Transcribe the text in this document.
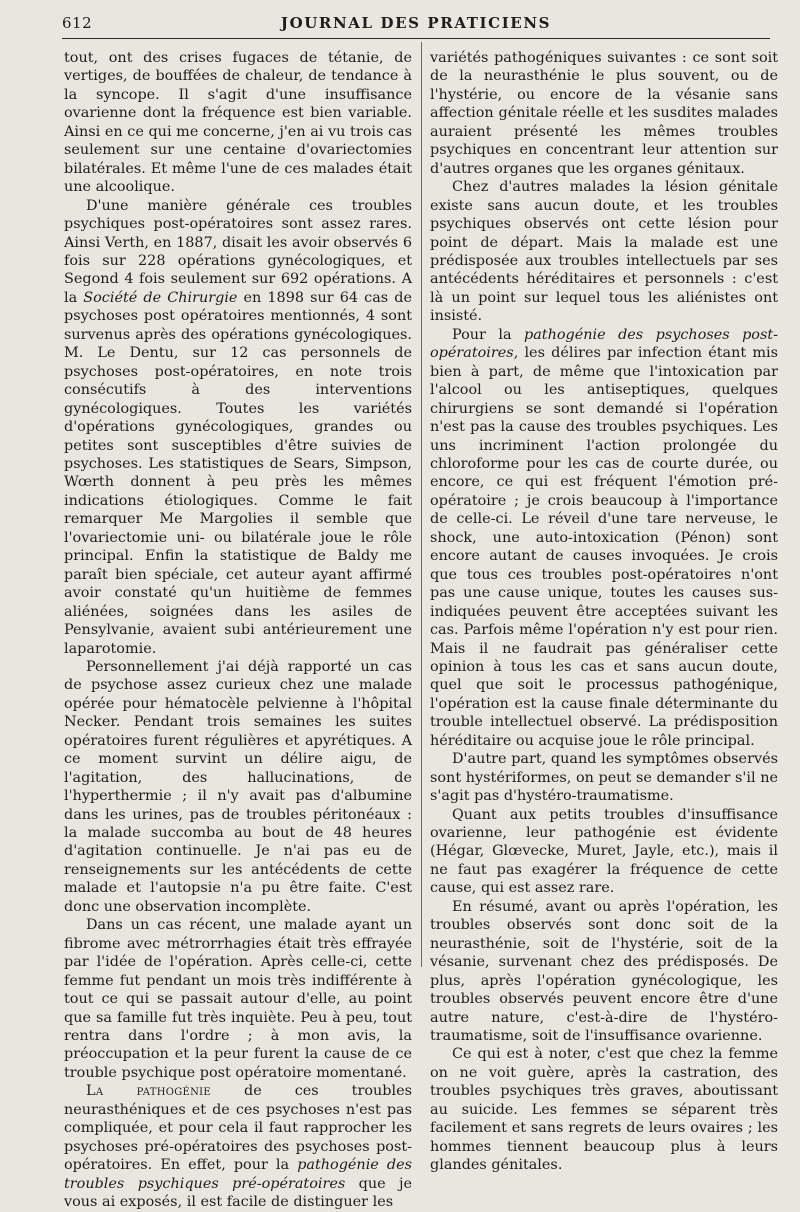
612	JOURNAL DES PRATICIENS

tout, ont des crises fugaces de tétanie, de vertiges, de bouffées de chaleur, de tendance à la syncope. Il s'agit d'une insuffisance ovarienne dont la fréquence est bien variable. Ainsi en ce qui me concerne, j'en ai vu trois cas seulement sur une centaine d'ovariectomies bilatérales. Et même l'une de ces malades était une alcoolique.

D'une manière générale ces troubles psychiques post-opératoires sont assez rares. Ainsi Verth, en 1887, disait les avoir observés 6 fois sur 228 opérations gynécologiques, et Segond 4 fois seulement sur 692 opérations. A la Société de Chirurgie en 1898 sur 64 cas de psychoses post opératoires mentionnés, 4 sont survenus après des opérations gynécologiques. M. Le Dentu, sur 12 cas personnels de psychoses post-opératoires, en note trois consécutifs à des interventions gynécologiques. Toutes les variétés d'opérations gynécologiques, grandes ou petites sont susceptibles d'être suivies de psychoses. Les statistiques de Sears, Simpson, Wœrth donnent à peu près les mêmes indications étiologiques. Comme le fait remarquer Me Margolies il semble que l'ovariectomie uni- ou bilatérale joue le rôle principal. Enfin la statistique de Baldy me paraît bien spéciale, cet auteur ayant affirmé avoir constaté qu'un huitième de femmes aliénées, soignées dans les asiles de Pensylvanie, avaient subi antérieurement une laparotomie.

Personnellement j'ai déjà rapporté un cas de psychose assez curieux chez une malade opérée pour hématocèle pelvienne à l'hôpital Necker. Pendant trois semaines les suites opératoires furent régulières et apyrétiques. A ce moment survint un délire aigu, de l'agitation, des hallucinations, de l'hyperthermie ; il n'y avait pas d'albumine dans les urines, pas de troubles péritonéaux : la malade succomba au bout de 48 heures d'agitation continuelle. Je n'ai pas eu de renseignements sur les antécédents de cette malade et l'autopsie n'a pu être faite. C'est donc une observation incomplète.

Dans un cas récent, une malade ayant un fibrome avec métrorrhagies était très effrayée par l'idée de l'opération. Après celle-ci, cette femme fut pendant un mois très indifférente à tout ce qui se passait autour d'elle, au point que sa famille fut très inquiète. Peu à peu, tout rentra dans l'ordre ; à mon avis, la préoccupation et la peur furent la cause de ce trouble psychique post opératoire momentané.

La pathogénie de ces troubles neurasthéniques et de ces psychoses n'est pas compliquée, et pour cela il faut rapprocher les psychoses pré-opératoires des psychoses post-opératoires. En effet, pour la pathogénie des troubles psychiques pré-opératoires que je vous ai exposés, il est facile de distinguer les

variétés pathogéniques suivantes : ce sont soit de la neurasthénie le plus souvent, ou de l'hystérie, ou encore de la vésanie sans affection génitale réelle et les susdites malades auraient présenté les mêmes troubles psychiques en concentrant leur attention sur d'autres organes que les organes génitaux.

Chez d'autres malades la lésion génitale existe sans aucun doute, et les troubles psychiques observés ont cette lésion pour point de départ. Mais la malade est une prédisposée aux troubles intellectuels par ses antécédents héréditaires et personnels : c'est là un point sur lequel tous les aliénistes ont insisté.

Pour la pathogénie des psychoses post-opératoires, les délires par infection étant mis bien à part, de même que l'intoxication par l'alcool ou les antiseptiques, quelques chirurgiens se sont demandé si l'opération n'est pas la cause des troubles psychiques. Les uns incriminent l'action prolongée du chloroforme pour les cas de courte durée, ou encore, ce qui est fréquent l'émotion pré-opératoire ; je crois beaucoup à l'importance de celle-ci. Le réveil d'une tare nerveuse, le shock, une auto-intoxication (Pénon) sont encore autant de causes invoquées. Je crois que tous ces troubles post-opératoires n'ont pas une cause unique, toutes les causes sus-indiquées peuvent être acceptées suivant les cas. Parfois même l'opération n'y est pour rien. Mais il ne faudrait pas généraliser cette opinion à tous les cas et sans aucun doute, quel que soit le processus pathogénique, l'opération est la cause finale déterminante du trouble intellectuel observé. La prédisposition héréditaire ou acquise joue le rôle principal.

D'autre part, quand les symptômes observés sont hystériformes, on peut se demander s'il ne s'agit pas d'hystéro-traumatisme.

Quant aux petits troubles d'insuffisance ovarienne, leur pathogénie est évidente (Hégar, Glœvecke, Muret, Jayle, etc.), mais il ne faut pas exagérer la fréquence de cette cause, qui est assez rare.

En résumé, avant ou après l'opération, les troubles observés sont donc soit de la neurasthénie, soit de l'hystérie, soit de la vésanie, survenant chez des prédisposés. De plus, après l'opération gynécologique, les troubles observés peuvent encore être d'une autre nature, c'est-à-dire de l'hystéro-traumatisme, soit de l'insuffisance ovarienne.

Ce qui est à noter, c'est que chez la femme on ne voit guère, après la castration, des troubles psychiques très graves, aboutissant au suicide. Les femmes se séparent très facilement et sans regrets de leurs ovaires ; les hommes tiennent beaucoup plus à leurs glandes génitales.
